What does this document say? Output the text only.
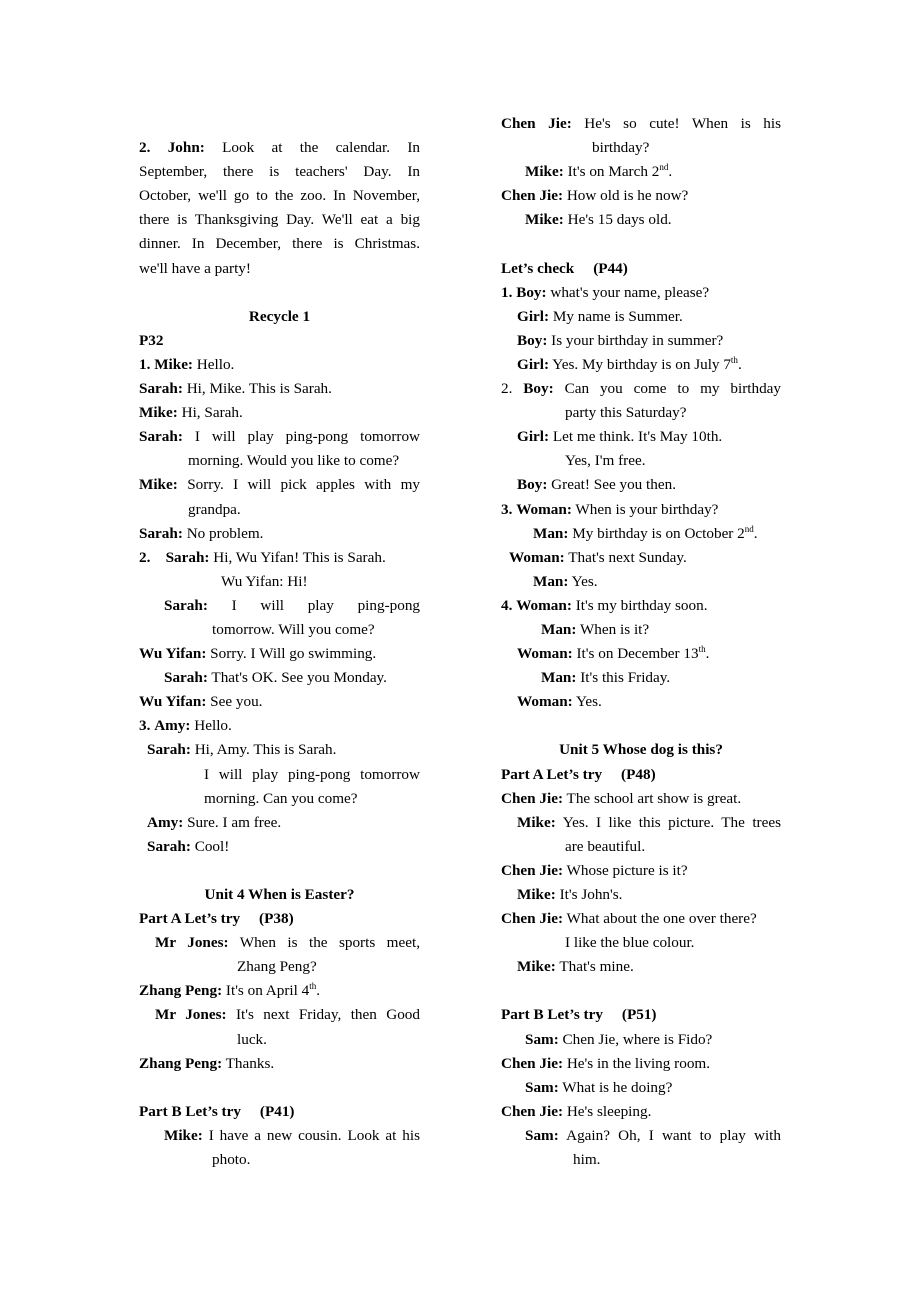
2. John: Look at the calendar. In
September, there is teachers' Day. In
October, we'll go to the zoo. In November,
there is Thanksgiving Day. We'll eat a big
dinner. In December, there is Christmas.
we'll have a party!
Recycle 1
P32
1. Mike: Hello.
Sarah: Hi, Mike. This is Sarah.
Mike: Hi, Sarah.
Sarah: I will play ping-pong tomorrow
morning. Would you like to come?
Mike: Sorry. I will pick apples with my
grandpa.
Sarah: No problem.
2. Sarah: Hi, Wu Yifan! This is Sarah.
Wu Yifan: Hi!
Sarah: I will play ping-pong
tomorrow. Will you come?
Wu Yifan: Sorry. I Will go swimming.
Sarah: That's OK. See you Monday.
Wu Yifan: See you.
3. Amy: Hello.
Sarah: Hi, Amy. This is Sarah.
I will play ping-pong tomorrow
morning. Can you come?
Amy: Sure. I am free.
Sarah: Cool!
Unit 4 When is Easter?
Part A Let’s try 　(P38)
Mr Jones: When is the sports meet,
Zhang Peng?
Zhang Peng: It's on April 4th.
Mr Jones: It's next Friday, then Good
luck.
Zhang Peng: Thanks.
Part B Let’s try 　(P41)
Mike: I have a new cousin. Look at his
photo.
Chen Jie: He's so cute! When is his
birthday?
Mike: It's on March 2nd.
Chen Jie: How old is he now?
Mike: He's 15 days old.
Let’s check 　(P44)
1. Boy: what's your name, please?
Girl: My name is Summer.
Boy: Is your birthday in summer?
Girl: Yes. My birthday is on July 7th.
2. Boy: Can you come to my birthday
party this Saturday?
Girl: Let me think. It's May 10th.
Yes, I'm free.
Boy: Great! See you then.
3. Woman: When is your birthday?
Man: My birthday is on October 2nd.
Woman: That's next Sunday.
Man: Yes.
4. Woman: It's my birthday soon.
Man: When is it?
Woman: It's on December 13th.
Man: It's this Friday.
Woman: Yes.
Unit 5 Whose dog is this?
Part A Let’s try 　(P48)
Chen Jie: The school art show is great.
Mike: Yes. I like this picture. The trees
are beautiful.
Chen Jie: Whose picture is it?
Mike: It's John's.
Chen Jie: What about the one over there?
I like the blue colour.
Mike: That's mine.
Part B Let’s try 　(P51)
Sam: Chen Jie, where is Fido?
Chen Jie: He's in the living room.
Sam: What is he doing?
Chen Jie: He's sleeping.
Sam: Again? Oh, I want to play with
him.
